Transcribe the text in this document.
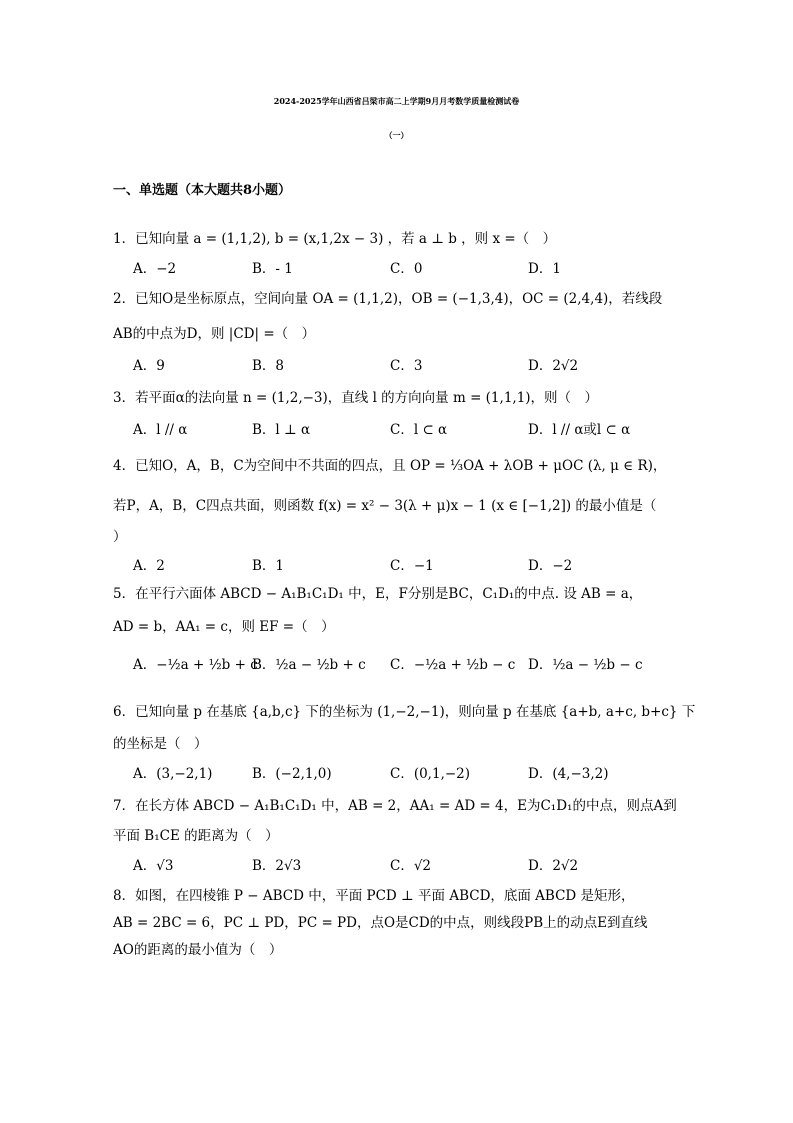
2024-2025学年山西省吕梁市高二上学期9月月考数学质量检测试卷
（一）
一、单选题（本大题共8小题）
1．已知向量 a = (1,1,2), b = (x,1,2x − 3) ，若 a ⊥ b ，则 x =（　）
A．−2	B．- 1	C．0	D．1
2．已知O是坐标原点，空间向量 OA = (1,1,2)，OB = (−1,3,4)，OC = (2,4,4)，若线段
AB的中点为D，则 |CD| =（　）
A．9	B．8	C．3	D．2√2
3．若平面α的法向量 n = (1,2,−3)，直线 l 的方向向量 m = (1,1,1)，则（　）
A．l // α	B．l ⊥ α	C．l ⊂ α	D．l // α或l ⊂ α
4．已知O，A，B，C为空间中不共面的四点，且 OP = ⅓OA + λOB + μOC (λ, μ ∈ R)，
若P，A，B，C四点共面，则函数 f(x) = x² − 3(λ + μ)x − 1 (x ∈ [−1,2]) 的最小值是（
）
A．2	B．1	C．−1	D．−2
5．在平行六面体 ABCD − A₁B₁C₁D₁ 中，E，F分别是BC，C₁D₁的中点. 设 AB = a，
AD = b，AA₁ = c，则 EF =（　）
A．−½a + ½b + c
B．½a − ½b + c C．−½a + ½b − c D．½a − ½b − c
6．已知向量 p 在基底 {a,b,c} 下的坐标为 (1,−2,−1)，则向量 p 在基底 {a+b, a+c, b+c} 下
的坐标是（　）
A．(3,−2,1)	B．(−2,1,0)	C．(0,1,−2)	D．(4,−3,2)
7．在长方体 ABCD − A₁B₁C₁D₁ 中，AB = 2，AA₁ = AD = 4，E为C₁D₁的中点，则点A到
平面 B₁CE 的距离为（　）
A．√3	B．2√3	C．√2	D．2√2
8．如图，在四棱锥 P − ABCD 中，平面 PCD ⊥ 平面 ABCD，底面 ABCD 是矩形，
AB = 2BC = 6，PC ⊥ PD，PC = PD，点O是CD的中点，则线段PB上的动点E到直线
AO的距离的最小值为（　）
